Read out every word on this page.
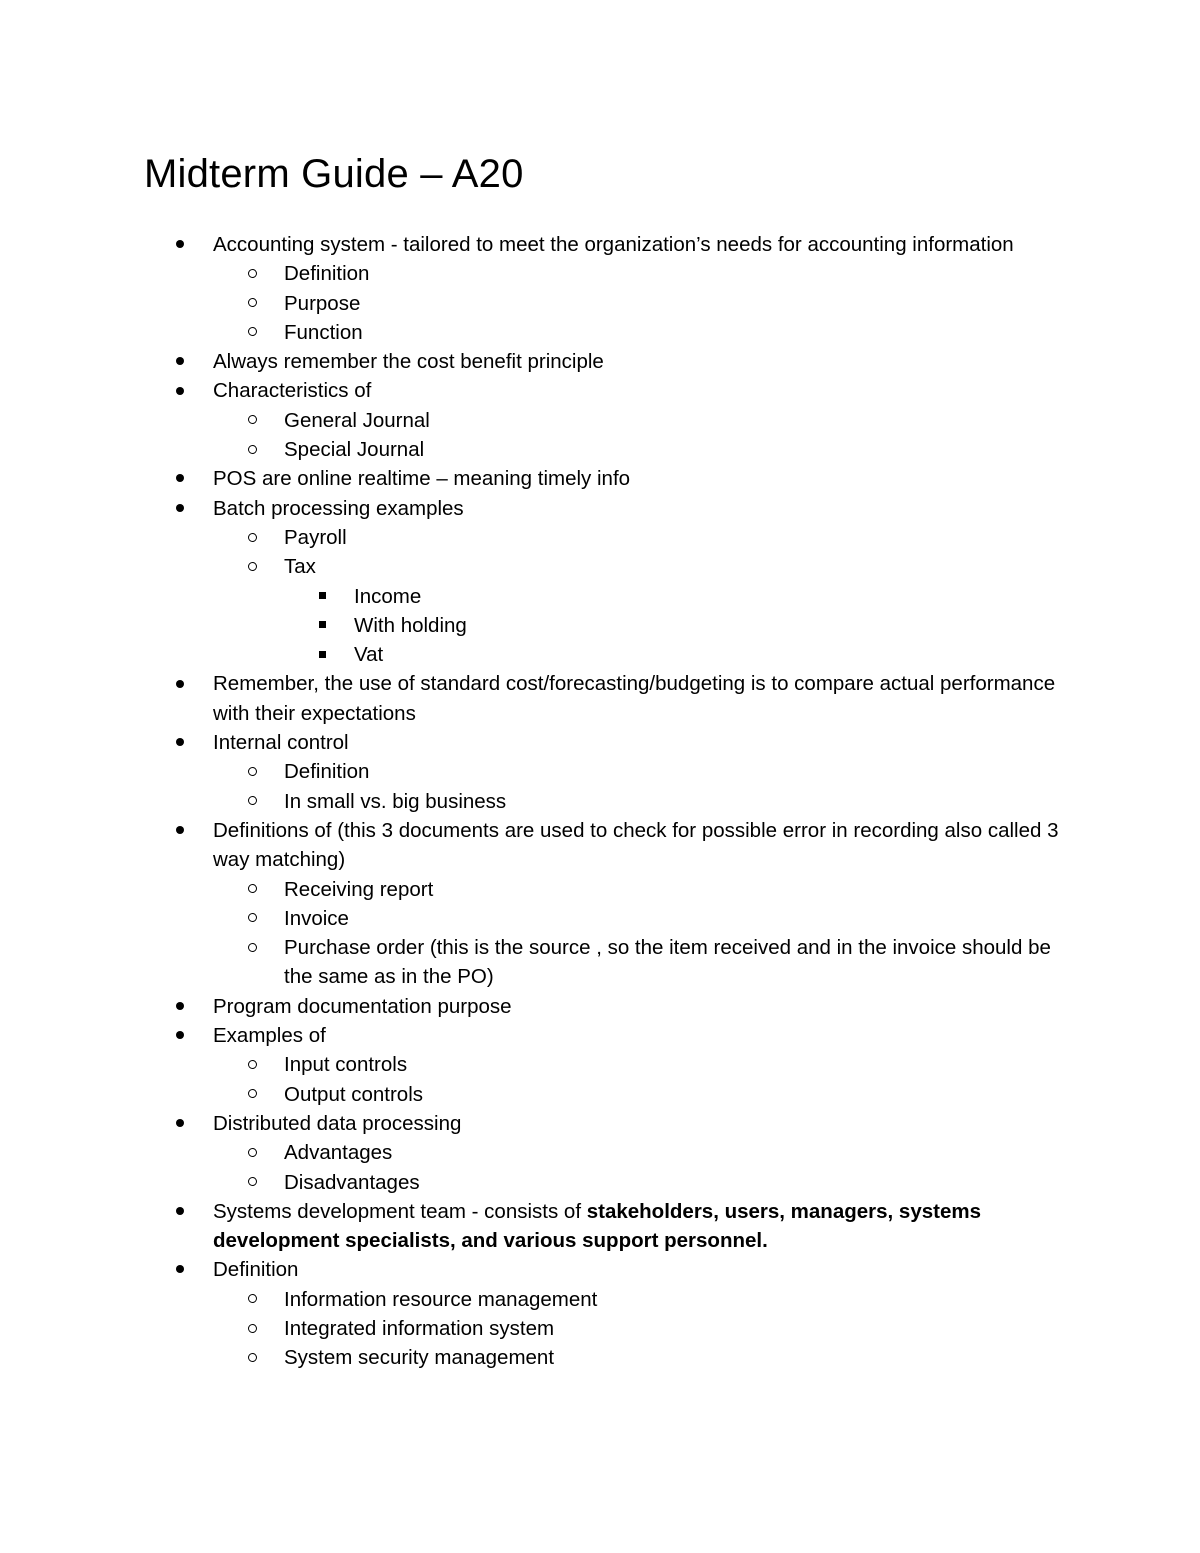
Midterm Guide – A20
Accounting system - tailored to meet the organization’s needs for accounting information
Definition
Purpose
Function
Always remember the cost benefit principle
Characteristics of
General Journal
Special Journal
POS are online realtime – meaning timely info
Batch processing examples
Payroll
Tax
Income
With holding
Vat
Remember, the use of standard cost/forecasting/budgeting is to compare actual performance with their expectations
Internal control
Definition
In small vs. big business
Definitions of (this 3 documents are used to check for possible error in recording also called 3 way matching)
Receiving report
Invoice
Purchase order (this is the source , so the item received and in the invoice should be the same as in the PO)
Program documentation purpose
Examples of
Input controls
Output controls
Distributed data processing
Advantages
Disadvantages
Systems development team - consists of stakeholders, users, managers, systems development specialists, and various support personnel.
Definition
Information resource management
Integrated information system
System security management
